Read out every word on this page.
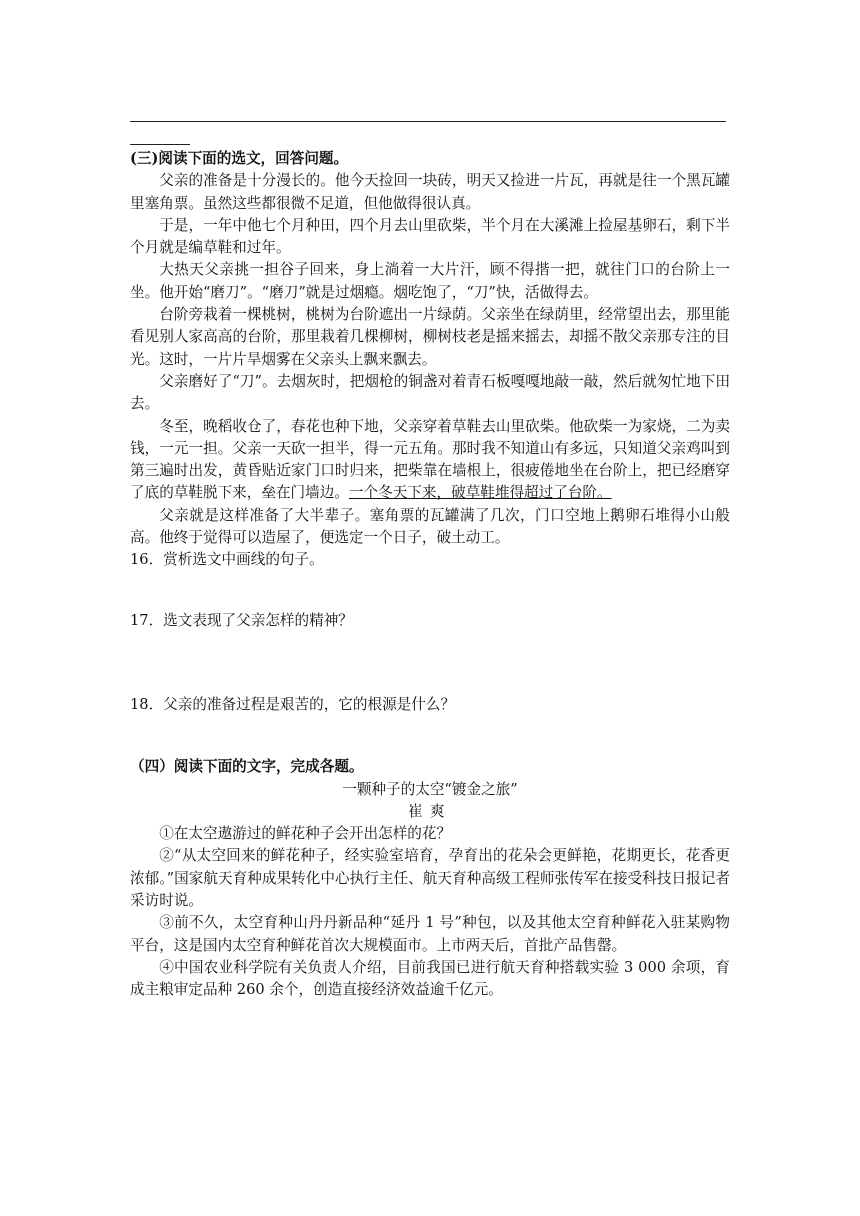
(三)阅读下面的选文，回答问题。

父亲的准备是十分漫长的。他今天捡回一块砖，明天又捡进一片瓦，再就是往一个黑瓦罐里塞角票。虽然这些都很微不足道，但他做得很认真。

于是，一年中他七个月种田，四个月去山里砍柴，半个月在大溪滩上捡屋基卵石，剩下半个月就是编草鞋和过年。

大热天父亲挑一担谷子回来，身上淌着一大片汗，顾不得揩一把，就往门口的台阶上一坐。他开始“磨刀”。“磨刀”就是过烟瘾。烟吃饱了，“刀”快，活做得去。

台阶旁栽着一棵桃树，桃树为台阶遮出一片绿荫。父亲坐在绿荫里，经常望出去，那里能看见别人家高高的台阶，那里栽着几棵柳树，柳树枝老是摇来摇去，却摇不散父亲那专注的目光。这时，一片片旱烟雾在父亲头上飘来飘去。

父亲磨好了“刀”。去烟灰时，把烟枪的铜盏对着青石板嘎嘎地敲一敲，然后就匆忙地下田去。

冬至，晚稻收仓了，春花也种下地，父亲穿着草鞋去山里砍柴。他砍柴一为家烧，二为卖钱，一元一担。父亲一天砍一担半，得一元五角。那时我不知道山有多远，只知道父亲鸡叫到第三遍时出发，黄昏贴近家门口时归来，把柴靠在墙根上，很疲倦地坐在台阶上，把已经磨穿了底的草鞋脱下来，垒在门墙边。一个冬天下来，破草鞋堆得超过了台阶。

父亲就是这样准备了大半辈子。塞角票的瓦罐满了几次，门口空地上鹅卵石堆得小山般高。他终于觉得可以造屋了，便选定一个日子，破土动工。

16．赏析选文中画线的句子。

17．选文表现了父亲怎样的精神？

18．父亲的准备过程是艰苦的，它的根源是什么？

（四）阅读下面的文字，完成各题。

一颗种子的太空“镀金之旅”

崔爽

①在太空遨游过的鲜花种子会开出怎样的花？

②“从太空回来的鲜花种子，经实验室培育，孕育出的花朵会更鲜艳，花期更长，花香更浓郁。”国家航天育种成果转化中心执行主任、航天育种高级工程师张传军在接受科技日报记者采访时说。

③前不久，太空育种山丹丹新品种“延丹 1 号”种包，以及其他太空育种鲜花入驻某购物平台，这是国内太空育种鲜花首次大规模面市。上市两天后，首批产品售罄。

④中国农业科学院有关负责人介绍，目前我国已进行航天育种搭载实验 3 000 余项，育成主粮审定品种 260 余个，创造直接经济效益逾千亿元。
